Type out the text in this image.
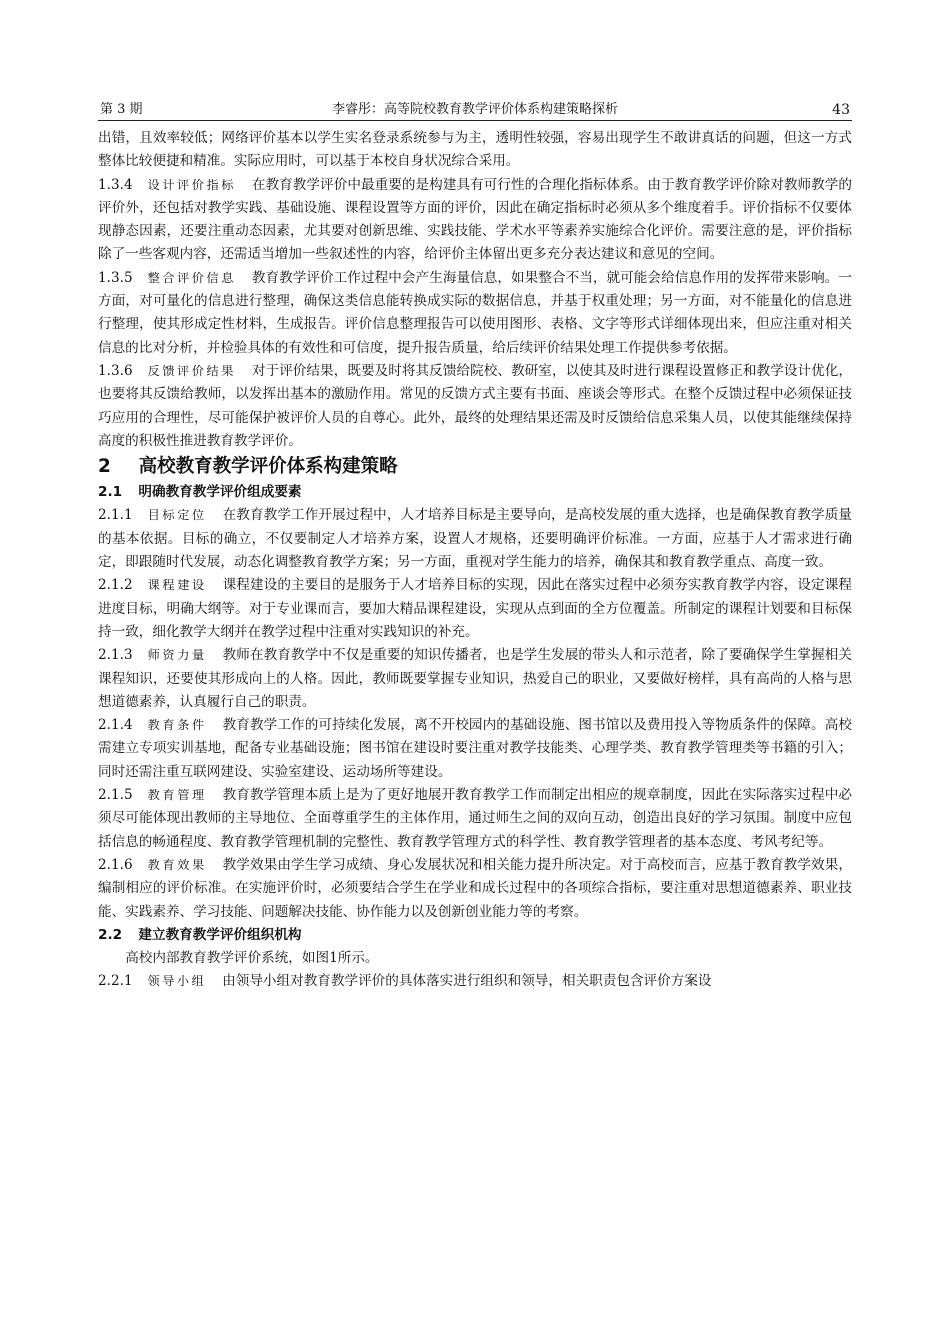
第 3 期	李睿彤：高等院校教育教学评价体系构建策略探析	43

出错，且效率较低；网络评价基本以学生实名登录系统参与为主，透明性较强，容易出现学生不敢讲真话的问题，但这一方式整体比较便捷和精准。实际应用时，可以基于本校自身状况综合采用。

1.3.4 设计评价指标 在教育教学评价中最重要的是构建具有可行性的合理化指标体系。由于教育教学评价除对教师教学的评价外，还包括对教学实践、基础设施、课程设置等方面的评价，因此在确定指标时必须从多个维度着手。评价指标不仅要体现静态因素，还要注重动态因素，尤其要对创新思维、实践技能、学术水平等素养实施综合化评价。需要注意的是，评价指标除了一些客观内容，还需适当增加一些叙述性的内容，给评价主体留出更多充分表达建议和意见的空间。

1.3.5 整合评价信息 教育教学评价工作过程中会产生海量信息，如果整合不当，就可能会给信息作用的发挥带来影响。一方面，对可量化的信息进行整理，确保这类信息能转换成实际的数据信息，并基于权重处理；另一方面，对不能量化的信息进行整理，使其形成定性材料，生成报告。评价信息整理报告可以使用图形、表格、文字等形式详细体现出来，但应注重对相关信息的比对分析，并检验具体的有效性和可信度，提升报告质量，给后续评价结果处理工作提供参考依据。

1.3.6 反馈评价结果 对于评价结果，既要及时将其反馈给院校、教研室，以使其及时进行课程设置修正和教学设计优化，也要将其反馈给教师，以发挥出基本的激励作用。常见的反馈方式主要有书面、座谈会等形式。在整个反馈过程中必须保证技巧应用的合理性，尽可能保护被评价人员的自尊心。此外，最终的处理结果还需及时反馈给信息采集人员，以使其能继续保持高度的积极性推进教育教学评价。

2 高校教育教学评价体系构建策略
2.1 明确教育教学评价组成要素

2.1.1 目标定位 在教育教学工作开展过程中，人才培养目标是主要导向，是高校发展的重大选择，也是确保教育教学质量的基本依据。目标的确立，不仅要制定人才培养方案，设置人才规格，还要明确评价标准。一方面，应基于人才需求进行确定，即跟随时代发展，动态化调整教育教学方案；另一方面，重视对学生能力的培养，确保其和教育教学重点、高度一致。

2.1.2 课程建设 课程建设的主要目的是服务于人才培养目标的实现，因此在落实过程中必须夯实教育教学内容，设定课程进度目标，明确大纲等。对于专业课而言，要加大精品课程建设，实现从点到面的全方位覆盖。所制定的课程计划要和目标保持一致，细化教学大纲并在教学过程中注重对实践知识的补充。

2.1.3 师资力量 教师在教育教学中不仅是重要的知识传播者，也是学生发展的带头人和示范者，除了要确保学生掌握相关课程知识，还要使其形成向上的人格。因此，教师既要掌握专业知识，热爱自己的职业，又要做好榜样，具有高尚的人格与思想道德素养，认真履行自己的职责。

2.1.4 教育条件 教育教学工作的可持续化发展，离不开校园内的基础设施、图书馆以及费用投入等物质条件的保障。高校需建立专项实训基地，配备专业基础设施；图书馆在建设时要注重对教学技能类、心理学类、教育教学管理类等书籍的引入；同时还需注重互联网建设、实验室建设、运动场所等建设。

2.1.5 教育管理 教育教学管理本质上是为了更好地展开教育教学工作而制定出相应的规章制度，因此在实际落实过程中必须尽可能体现出教师的主导地位、全面尊重学生的主体作用，通过师生之间的双向互动，创造出良好的学习氛围。制度中应包括信息的畅通程度、教育教学管理机制的完整性、教育教学管理方式的科学性、教育教学管理者的基本态度、考风考纪等。

2.1.6 教育效果 教学效果由学生学习成绩、身心发展状况和相关能力提升所决定。对于高校而言，应基于教育教学效果，编制相应的评价标准。在实施评价时，必须要结合学生在学业和成长过程中的各项综合指标，要注重对思想道德素养、职业技能、实践素养、学习技能、问题解决技能、协作能力以及创新创业能力等的考察。

2.2 建立教育教学评价组织机构

高校内部教育教学评价系统，如图1所示。

2.2.1 领导小组 由领导小组对教育教学评价的具体落实进行组织和领导，相关职责包含评价方案设
